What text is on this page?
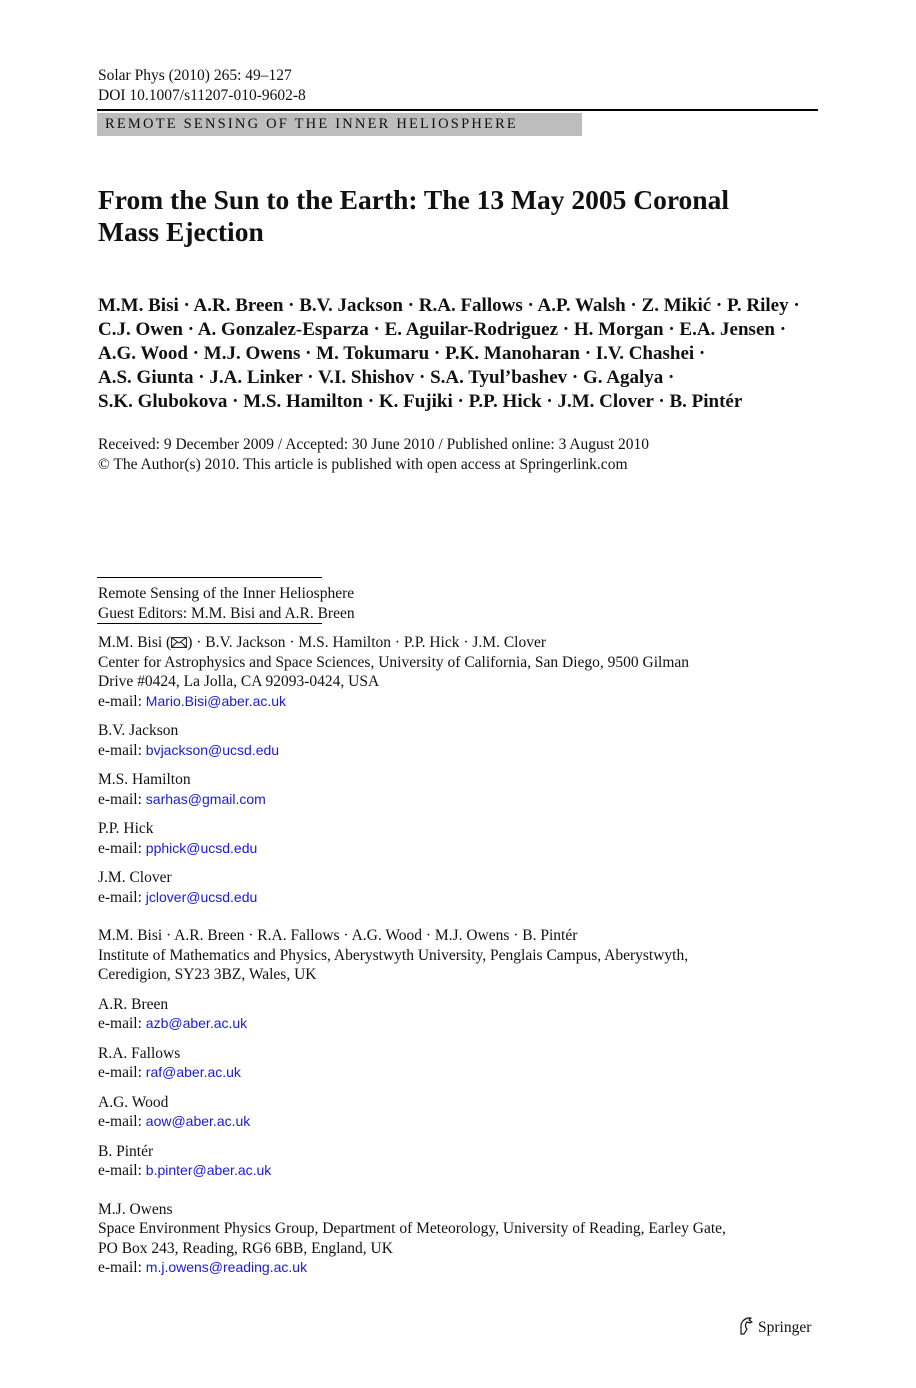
Solar Phys (2010) 265: 49–127
DOI 10.1007/s11207-010-9602-8
REMOTE SENSING OF THE INNER HELIOSPHERE
From the Sun to the Earth: The 13 May 2005 Coronal
Mass Ejection
M.M. Bisi · A.R. Breen · B.V. Jackson · R.A. Fallows · A.P. Walsh · Z. Mikić · P. Riley ·
C.J. Owen · A. Gonzalez-Esparza · E. Aguilar-Rodriguez · H. Morgan · E.A. Jensen ·
A.G. Wood · M.J. Owens · M. Tokumaru · P.K. Manoharan · I.V. Chashei ·
A.S. Giunta · J.A. Linker · V.I. Shishov · S.A. Tyul’bashev · G. Agalya ·
S.K. Glubokova · M.S. Hamilton · K. Fujiki · P.P. Hick · J.M. Clover · B. Pintér
Received: 9 December 2009 / Accepted: 30 June 2010 / Published online: 3 August 2010
© The Author(s) 2010. This article is published with open access at Springerlink.com

Remote Sensing of the Inner Heliosphere

Guest Editors: M.M. Bisi and A.R. Breen

M.M. Bisi ( ) · B.V. Jackson · M.S. Hamilton · P.P. Hick · J.M. Clover

Center for Astrophysics and Space Sciences, University of California, San Diego, 9500 Gilman

Drive #0424, La Jolla, CA 92093-0424, USA

e-mail: Mario.Bisi@aber.ac.uk

B.V. Jackson

e-mail: bvjackson@ucsd.edu

M.S. Hamilton

e-mail: sarhas@gmail.com

P.P. Hick

e-mail: pphick@ucsd.edu

J.M. Clover

e-mail: jclover@ucsd.edu

M.M. Bisi · A.R. Breen · R.A. Fallows · A.G. Wood · M.J. Owens · B. Pintér

Institute of Mathematics and Physics, Aberystwyth University, Penglais Campus, Aberystwyth,

Ceredigion, SY23 3BZ, Wales, UK

A.R. Breen

e-mail: azb@aber.ac.uk

R.A. Fallows

e-mail: raf@aber.ac.uk

A.G. Wood

e-mail: aow@aber.ac.uk

B. Pintér

e-mail: b.pinter@aber.ac.uk

M.J. Owens

Space Environment Physics Group, Department of Meteorology, University of Reading, Earley Gate,

PO Box 243, Reading, RG6 6BB, England, UK

e-mail: m.j.owens@reading.ac.uk

Springer
